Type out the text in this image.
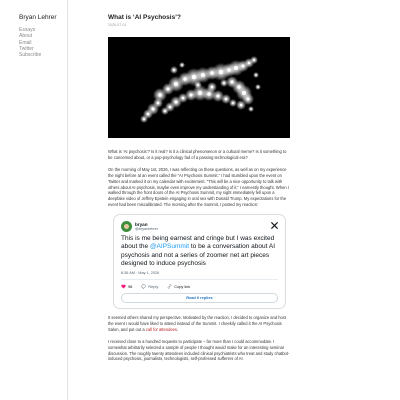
Bryan Lehrer
Essays
About
Email
Twitter
Subscribe
What is ‘AI Psychosis’?
2026-07-01

What is ‘AI psychosis’? Is it real? Is it a clinical phenomenon or a cultural meme? Is it something to be concerned about, or a pop-psychology fad of a passing technological era?

On the morning of May 1st, 2026, I was reflecting on these questions, as well as on my experience the night before at an event called the “AI Psychosis Summit.” I had stumbled upon the event on Twitter and marked it on my calendar with excitement. “This will be a nice opportunity to talk with others about AI psychosis, maybe even improve my understanding of it,” I earnestly thought. When I walked through the front doors of the AI Psychosis Summit, my sight immediately fell upon a deepfake video of Jeffrey Epstein engaging in oral sex with Donald Trump. My expectations for the event had been miscalibrated. The morning after the Summit, I posted my reaction:

bryan
@bryanlehrer
This is me being earnest and cringe but I was excited about the @AIPSummit to be a conversation about AI psychosis and not a series of zoomer net art pieces designed to induce psychosis
8:36 AM · May 1, 2026
98	Reply	Copy link
Read 6 replies

It seemed others shared my perspective. Motivated by the reaction, I decided to organize and host the event I would have liked to attend instead of the Summit. I cheekily called it the AI Psychosis Salon, and put out a call for attendees.

I received close to a hundred requests to participate – far more than I could accommodate. I somewhat arbitrarily selected a sample of people I thought would make for an interesting seminar discussion. The roughly twenty attendees included clinical psychiatrists who treat and study chatbot-induced psychosis, journalists, technologists, self-professed sufferers of AI
